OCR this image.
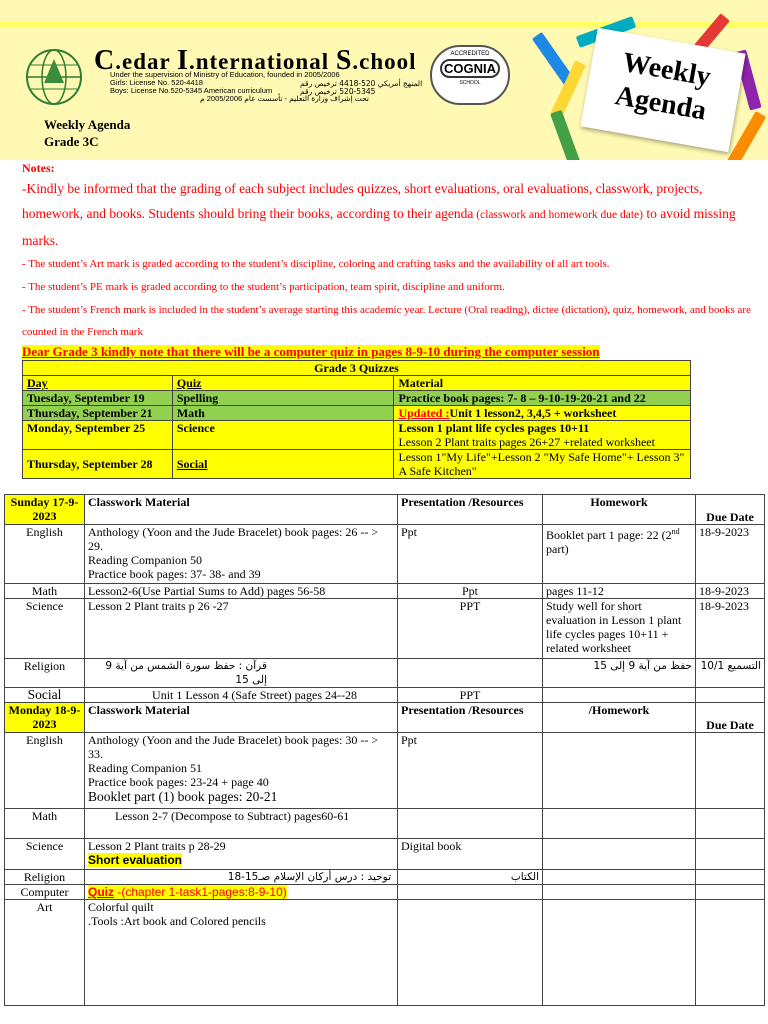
Weekly
Agenda
C.edar I.nternational S.chool
Under the supervision of Ministry of Education, founded in 2005/2006
Girls: License No. 520-4418
Boys: License No.520-5345 American curriculum
المنهج أمريكي 520-4418 ترخيص رقم
520-5345 ترخيص رقم
تحت إشراف وزارة التعليم - تأسست عام 2005/2006 م
ACCREDITED
COGNIA
SCHOOL
Weekly Agenda
Grade 3C

Notes:

-Kindly be informed that the grading of each subject includes quizzes, short evaluations, oral evaluations, classwork, projects, homework, and books. Students should bring their books, according to their agenda (classwork and homework due date) to avoid missing marks.

- The student’s Art mark is graded according to the student’s discipline, coloring and crafting tasks and the availability of all art tools.

- The student’s PE mark is graded according to the student’s participation, team spirit, discipline and uniform.

- The student’s French mark is included in the student’s average starting this academic year. Lecture (Oral reading), dictee (dictation), quiz, homework, and books are counted in the French mark

Dear Grade 3 kindly note that there will be a computer quiz in pages 8-9-10 during the computer session
Grade 3 Quizzes		
Day	Quiz	Material
Tuesday, September 19	Spelling	Practice book pages: 7- 8 – 9-10-19-20-21 and 22
Thursday, September 21	Math	Updated :Unit 1 lesson2, 3,4,5 + worksheet
Monday, September 25	Science	Lesson 1 plant life cycles pages 10+11
Lesson 2 Plant traits pages 26+27 +related worksheet

Thursday, September 28	Social	Lesson 1"My Life"+Lesson 2 "My Safe Home"+ Lesson 3" A Safe Kitchen"
Sunday 17-9-2023	Classwork Material	Presentation /Resources	Homework	Due Date
English	Anthology (Yoon and the Jude Bracelet) book pages: 26 -- > 29.
Reading Companion 50
Practice book pages: 37- 38- and 39	Ppt	Booklet part 1 page: 22 (2nd part)	18-9-2023
Math	Lesson2-6(Use Partial Sums to Add) pages 56-58	Ppt	pages 11-12	18-9-2023
Science	Lesson 2 Plant traits p 26 -27	PPT	Study well for short evaluation in Lesson 1 plant life cycles pages 10+11 + related worksheet	18-9-2023
Religion	قرآن : حفظ سورة الشمس من آية 9 إلى 15		حفظ من آية 9 إلى 15	التسميع 10/1
Social	Unit 1 Lesson 4 (Safe Street) pages 24--28	PPT		
Monday 18-9-2023	Classwork Material	Presentation /Resources	/Homework	Due Date
English	Anthology (Yoon and the Jude Bracelet) book pages: 30 -- > 33.
Reading Companion 51
Practice book pages: 23-24 + page 40
Booklet part (1) book pages: 20-21	Ppt		
Math	Lesson 2-7 (Decompose to Subtract) pages60-61			
Science	Lesson 2 Plant traits p 28-29
Short evaluation	Digital book		
Religion	توحيد : درس أركان الإسلام صـ15-18	الكتاب		
Computer	Quiz -(chapter 1-task1-pages:8-9-10)			
Art	Colorful quilt
.Tools :Art book and Colored pencils			
